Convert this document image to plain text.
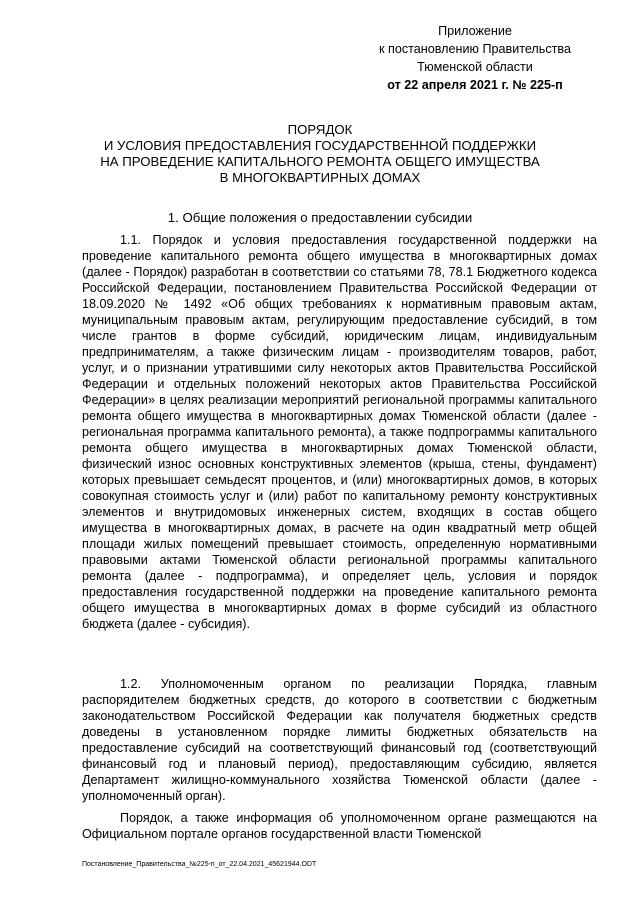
Приложение
к постановлению Правительства
Тюменской области
от 22 апреля 2021 г. № 225-п
ПОРЯДОК
И УСЛОВИЯ ПРЕДОСТАВЛЕНИЯ ГОСУДАРСТВЕННОЙ ПОДДЕРЖКИ
НА ПРОВЕДЕНИЕ КАПИТАЛЬНОГО РЕМОНТА ОБЩЕГО ИМУЩЕСТВА
В МНОГОКВАРТИРНЫХ ДОМАХ
1. Общие положения о предоставлении субсидии

1.1. Порядок и условия предоставления государственной поддержки на проведение капитального ремонта общего имущества в многоквартирных домах (далее - Порядок) разработан в соответствии со статьями 78, 78.1 Бюджетного кодекса Российской Федерации, постановлением Правительства Российской Федерации от 18.09.2020 № 1492 «Об общих требованиях к нормативным правовым актам, муниципальным правовым актам, регулирующим предоставление субсидий, в том числе грантов в форме субсидий, юридическим лицам, индивидуальным предпринимателям, а также физическим лицам - производителям товаров, работ, услуг, и о признании утратившими силу некоторых актов Правительства Российской Федерации и отдельных положений некоторых актов Правительства Российской Федерации» в целях реализации мероприятий региональной программы капитального ремонта общего имущества в многоквартирных домах Тюменской области (далее - региональная программа капитального ремонта), а также подпрограммы капитального ремонта общего имущества в многоквартирных домах Тюменской области, физический износ основных конструктивных элементов (крыша, стены, фундамент) которых превышает семьдесят процентов, и (или) многоквартирных домов, в которых совокупная стоимость услуг и (или) работ по капитальному ремонту конструктивных элементов и внутридомовых инженерных систем, входящих в состав общего имущества в многоквартирных домах, в расчете на один квадратный метр общей площади жилых помещений превышает стоимость, определенную нормативными правовыми актами Тюменской области региональной программы капитального ремонта (далее - подпрограмма), и определяет цель, условия и порядок предоставления государственной поддержки на проведение капитального ремонта общего имущества в многоквартирных домах в форме субсидий из областного бюджета (далее - субсидия).

1.2. Уполномоченным органом по реализации Порядка, главным распорядителем бюджетных средств, до которого в соответствии с бюджетным законодательством Российской Федерации как получателя бюджетных средств доведены в установленном порядке лимиты бюджетных обязательств на предоставление субсидий на соответствующий финансовый год (соответствующий финансовый год и плановый период), предоставляющим субсидию, является Департамент жилищно-коммунального хозяйства Тюменской области (далее - уполномоченный орган).

Порядок, а также информация об уполномоченном органе размещаются на Официальном портале органов государственной власти Тюменской

Постановление_Правительства_№225-п_от_22.04.2021_45621944.ODT
